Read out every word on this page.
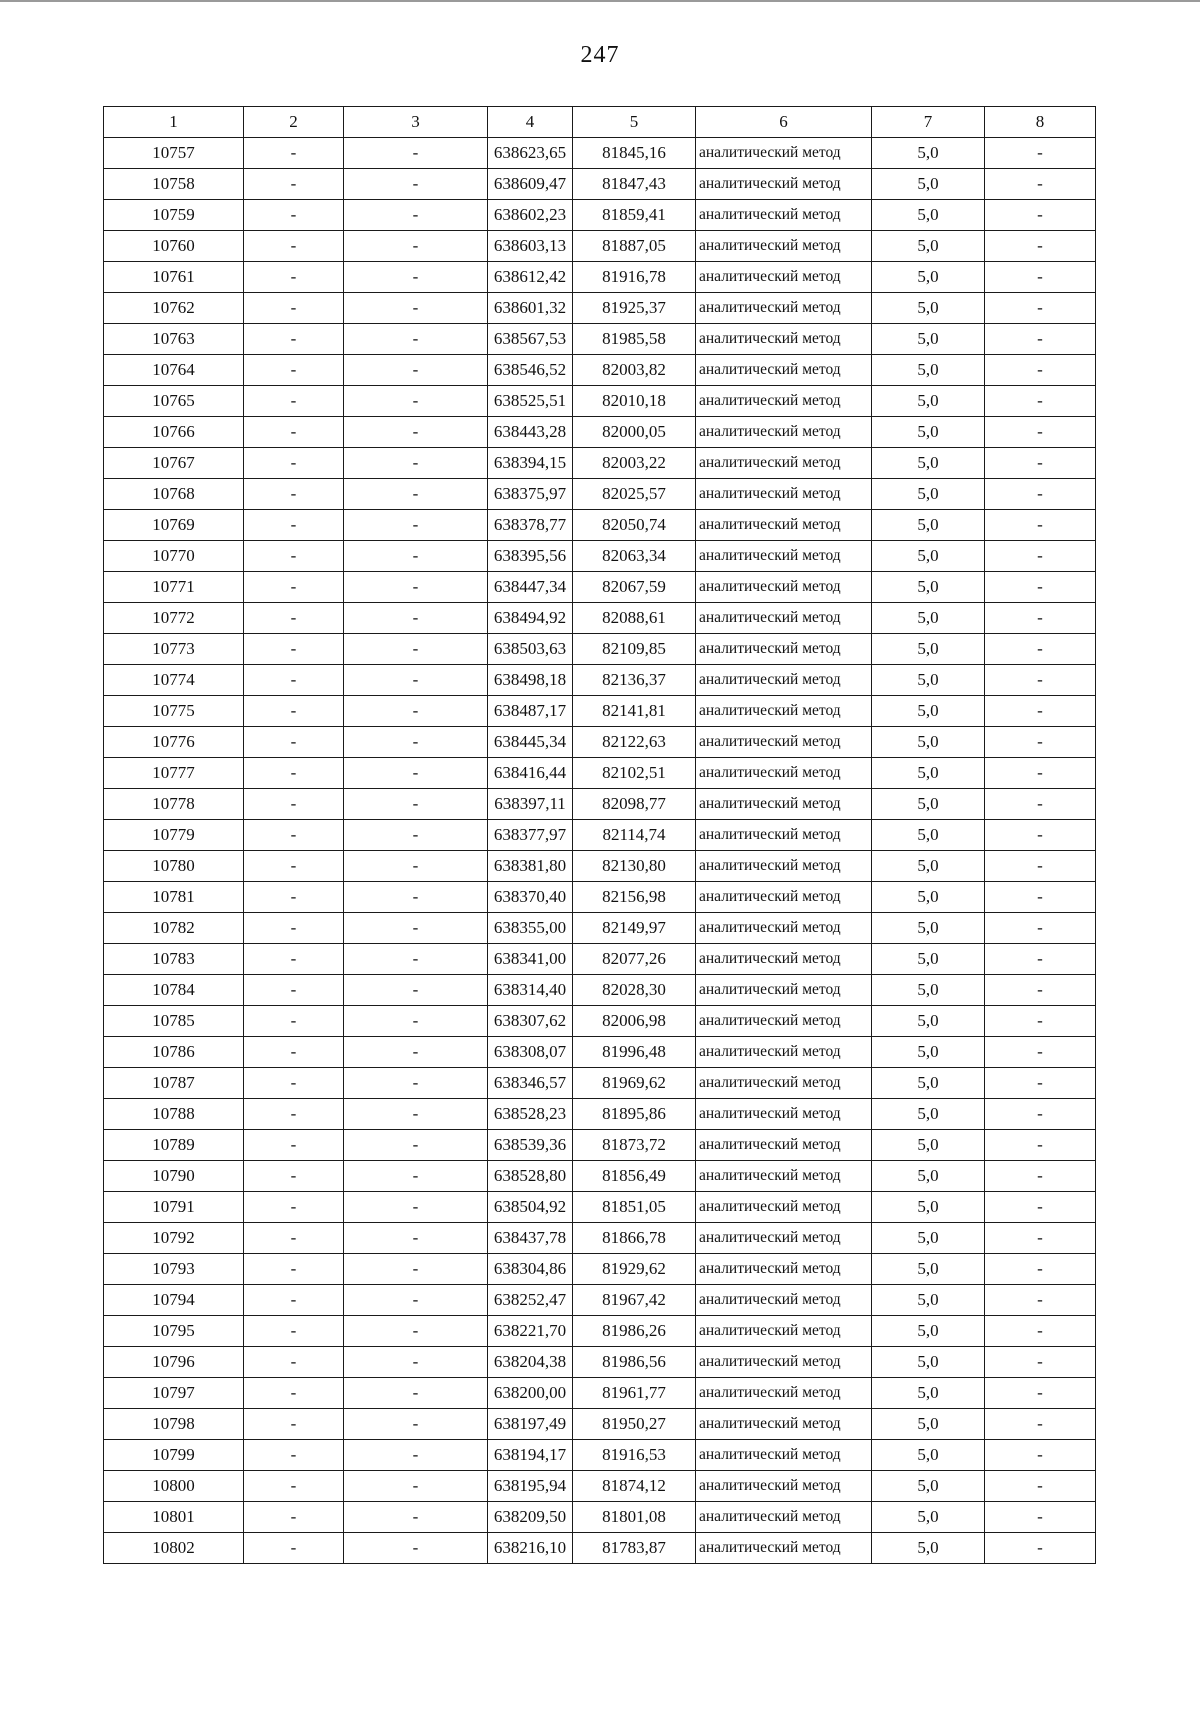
247
1	2	3	4	5	6	7	8
10757	-	-	638623,65	81845,16	аналитический метод	5,0	-
10758	-	-	638609,47	81847,43	аналитический метод	5,0	-
10759	-	-	638602,23	81859,41	аналитический метод	5,0	-
10760	-	-	638603,13	81887,05	аналитический метод	5,0	-
10761	-	-	638612,42	81916,78	аналитический метод	5,0	-
10762	-	-	638601,32	81925,37	аналитический метод	5,0	-
10763	-	-	638567,53	81985,58	аналитический метод	5,0	-
10764	-	-	638546,52	82003,82	аналитический метод	5,0	-
10765	-	-	638525,51	82010,18	аналитический метод	5,0	-
10766	-	-	638443,28	82000,05	аналитический метод	5,0	-
10767	-	-	638394,15	82003,22	аналитический метод	5,0	-
10768	-	-	638375,97	82025,57	аналитический метод	5,0	-
10769	-	-	638378,77	82050,74	аналитический метод	5,0	-
10770	-	-	638395,56	82063,34	аналитический метод	5,0	-
10771	-	-	638447,34	82067,59	аналитический метод	5,0	-
10772	-	-	638494,92	82088,61	аналитический метод	5,0	-
10773	-	-	638503,63	82109,85	аналитический метод	5,0	-
10774	-	-	638498,18	82136,37	аналитический метод	5,0	-
10775	-	-	638487,17	82141,81	аналитический метод	5,0	-
10776	-	-	638445,34	82122,63	аналитический метод	5,0	-
10777	-	-	638416,44	82102,51	аналитический метод	5,0	-
10778	-	-	638397,11	82098,77	аналитический метод	5,0	-
10779	-	-	638377,97	82114,74	аналитический метод	5,0	-
10780	-	-	638381,80	82130,80	аналитический метод	5,0	-
10781	-	-	638370,40	82156,98	аналитический метод	5,0	-
10782	-	-	638355,00	82149,97	аналитический метод	5,0	-
10783	-	-	638341,00	82077,26	аналитический метод	5,0	-
10784	-	-	638314,40	82028,30	аналитический метод	5,0	-
10785	-	-	638307,62	82006,98	аналитический метод	5,0	-
10786	-	-	638308,07	81996,48	аналитический метод	5,0	-
10787	-	-	638346,57	81969,62	аналитический метод	5,0	-
10788	-	-	638528,23	81895,86	аналитический метод	5,0	-
10789	-	-	638539,36	81873,72	аналитический метод	5,0	-
10790	-	-	638528,80	81856,49	аналитический метод	5,0	-
10791	-	-	638504,92	81851,05	аналитический метод	5,0	-
10792	-	-	638437,78	81866,78	аналитический метод	5,0	-
10793	-	-	638304,86	81929,62	аналитический метод	5,0	-
10794	-	-	638252,47	81967,42	аналитический метод	5,0	-
10795	-	-	638221,70	81986,26	аналитический метод	5,0	-
10796	-	-	638204,38	81986,56	аналитический метод	5,0	-
10797	-	-	638200,00	81961,77	аналитический метод	5,0	-
10798	-	-	638197,49	81950,27	аналитический метод	5,0	-
10799	-	-	638194,17	81916,53	аналитический метод	5,0	-
10800	-	-	638195,94	81874,12	аналитический метод	5,0	-
10801	-	-	638209,50	81801,08	аналитический метод	5,0	-
10802	-	-	638216,10	81783,87	аналитический метод	5,0	-
